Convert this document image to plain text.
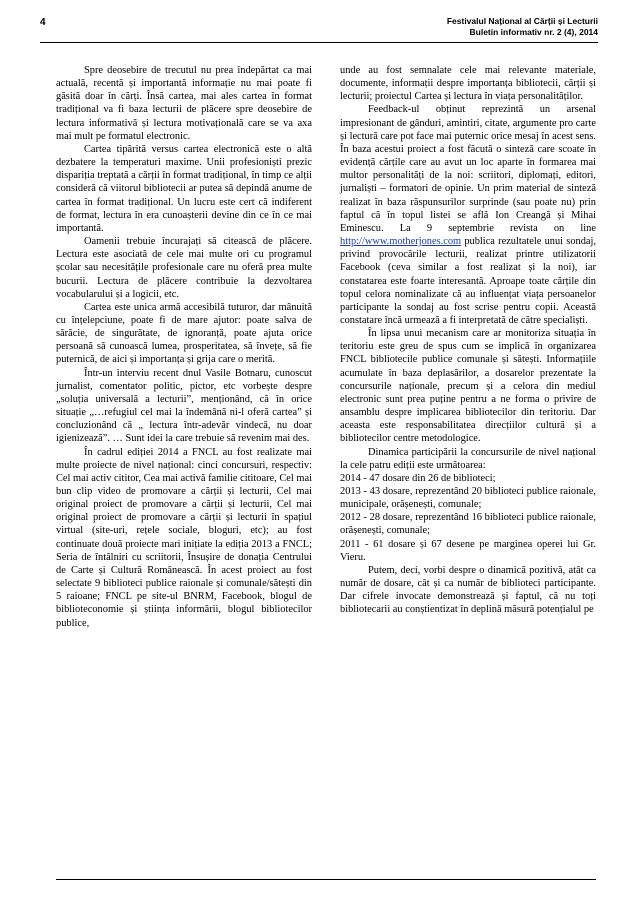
4	Festivalul Național al Cărții și Lecturii
Buletin informativ nr. 2 (4), 2014

Spre deosebire de trecutul nu prea îndepărtat ca mai actuală, recentă și importantă informație nu mai poate fi găsită doar în cărți. Însă cartea, mai ales cartea în format tradițional va fi baza lecturii de plăcere spre deosebire de lectura informativă și lectura motivațională care se va axa mai mult pe formatul electronic.

Cartea tipărită versus cartea electronică este o altă dezbatere la temperaturi maxime. Unii profesioniști prezic dispariția treptată a cărții în format tradițional, în timp ce alții consideră că viitorul bibliotecii ar putea să depindă anume de cartea în format tradițional. Un lucru este cert că indiferent de format, lectura în era cunoașterii devine din ce în ce mai importantă.

Oamenii trebuie încurajați să citească de plăcere. Lectura este asociată de cele mai multe ori cu programul școlar sau necesitățile profesionale care nu oferă prea multe bucurii. Lectura de plăcere contribuie la dezvoltarea vocabularului și a logicii, etc.

Cartea este unica armă accesibilă tuturor, dar mânuită cu înțelepciune, poate fi de mare ajutor: poate salva de sărăcie, de singurătate, de ignoranță, poate ajuta orice persoană să cunoască lumea, prosperitatea, să învețe, să fie puternică, de aici și importanța și grija care o merită.

Într-un interviu recent dnul Vasile Botnaru, cunoscut jurnalist, comentator politic, pictor, etc vorbește despre „soluția universală a lecturii”, menționând, că în orice situație „…refugiul cel mai la îndemână ni-l oferă cartea” și concluzionând că „ lectura într-adevăr vindecă, nu doar igienizează”. … Sunt idei la care trebuie să revenim mai des.

În cadrul ediției 2014 a FNCL au fost realizate mai multe proiecte de nivel național: cinci concursuri, respectiv: Cel mai activ cititor, Cea mai activă familie cititoare, Cel mai bun clip video de promovare a cărții și lecturii, Cel mai original proiect de promovare a cărții și lecturii, Cel mai original proiect de promovare a cărții și lecturii în spațiul virtual (site-uri, rețele sociale, bloguri, etc); au fost continuate două proiecte mari inițiate la ediția 2013 a FNCL; Seria de întâlniri cu scriitorii, Însușire de donația Centrului de Carte și Cultură Românească. În acest proiect au fost selectate 9 biblioteci publice raionale și comunale/sătești din 5 raioane; FNCL pe site-ul BNRM, Facebook, blogul de biblioteconomie și știința informării, blogul bibliotecilor publice,

unde au fost semnalate cele mai relevante materiale, documente, informații despre importanța bibliotecii, cărții și lecturii; proiectul Cartea și lectura în viața personalităților.

Feedback-ul obținut reprezintă un arsenal impresionant de gânduri, amintiri, citate, argumente pro carte și lectură care pot face mai puternic orice mesaj în acest sens. În baza acestui proiect a fost făcută o sinteză care scoate în evidență cărțile care au avut un loc aparte în formarea mai multor personalități de la noi: scriitori, diplomați, editori, jurnaliști – formatori de opinie. Un prim material de sinteză realizat în baza răspunsurilor surprinde (sau poate nu) prin faptul că în topul listei se află Ion Creangă și Mihai Eminescu. La 9 septembrie revista on line http://www.motherjones.com publica rezultatele unui sondaj, privind provocările lecturii, realizat printre utilizatorii Facebook (ceva similar a fost realizat și la noi), iar constatarea este foarte interesantă. Aproape toate cărțile din topul celora nominalizate că au influențat viața persoanelor participante la sondaj au fost scrise pentru copii. Această constatare încă urmează a fi interpretată de către specialiști.

În lipsa unui mecanism care ar monitoriza situația în teritoriu este greu de spus cum se implică în organizarea FNCL bibliotecile publice comunale și sătești. Informațiile acumulate în baza deplasărilor, a dosarelor prezentate la concursurile naționale, precum și a celora din mediul electronic sunt prea puține pentru a ne forma o privire de ansamblu despre implicarea bibliotecilor din teritoriu. Dar aceasta este responsabilitatea direcțiilor cultură și a bibliotecilor centre metodologice.

Dinamica participării la concursurile de nivel național la cele patru ediții este următoarea:

2014 - 47 dosare din 26 de biblioteci;

2013 - 43 dosare, reprezentând 20 biblioteci publice raionale, municipale, orășenești, comunale;

2012 - 28 dosare, reprezentând 16 biblioteci publice raionale, orășenești, comunale;

2011 - 61 dosare și 67 desene pe marginea operei lui Gr. Vieru.

Putem, deci, vorbi despre o dinamică pozitivă, atât ca număr de dosare, cât și ca număr de biblioteci participante. Dar cifrele invocate demonstrează și faptul, că nu toți bibliotecarii au conștientizat în deplină măsură potențialul pe
